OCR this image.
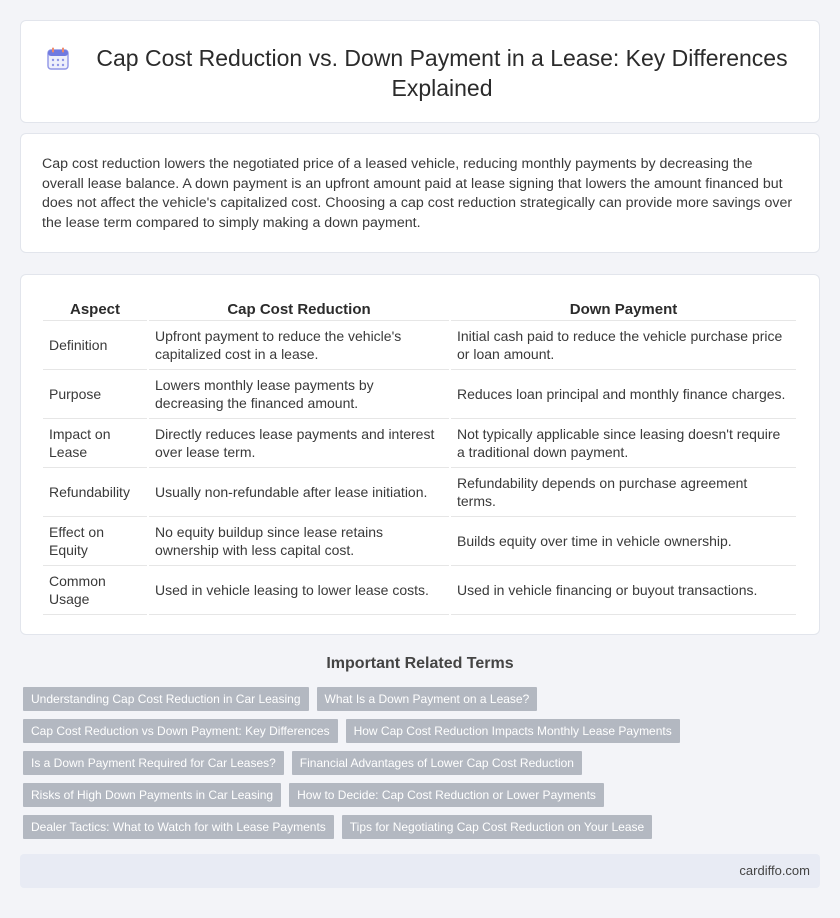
Cap Cost Reduction vs. Down Payment in a Lease: Key Differences Explained

Cap cost reduction lowers the negotiated price of a leased vehicle, reducing monthly payments by decreasing the overall lease balance. A down payment is an upfront amount paid at lease signing that lowers the amount financed but does not affect the vehicle's capitalized cost. Choosing a cap cost reduction strategically can provide more savings over the lease term compared to simply making a down payment.

Aspect	Cap Cost Reduction	Down Payment
Definition	Upfront payment to reduce the vehicle's capitalized cost in a lease.	Initial cash paid to reduce the vehicle purchase price or loan amount.
Purpose	Lowers monthly lease payments by decreasing the financed amount.	Reduces loan principal and monthly finance charges.
Impact on Lease	Directly reduces lease payments and interest over lease term.	Not typically applicable since leasing doesn't require a traditional down payment.
Refundability	Usually non-refundable after lease initiation.	Refundability depends on purchase agreement terms.
Effect on Equity	No equity buildup since lease retains ownership with less capital cost.	Builds equity over time in vehicle ownership.
Common Usage	Used in vehicle leasing to lower lease costs.	Used in vehicle financing or buyout transactions.
Important Related Terms
Understanding Cap Cost Reduction in Car Leasing	What Is a Down Payment on a Lease?
Cap Cost Reduction vs Down Payment: Key Differences	How Cap Cost Reduction Impacts Monthly Lease Payments
Is a Down Payment Required for Car Leases?	Financial Advantages of Lower Cap Cost Reduction
Risks of High Down Payments in Car Leasing	How to Decide: Cap Cost Reduction or Lower Payments
Dealer Tactics: What to Watch for with Lease Payments	Tips for Negotiating Cap Cost Reduction on Your Lease
cardiffo.com
